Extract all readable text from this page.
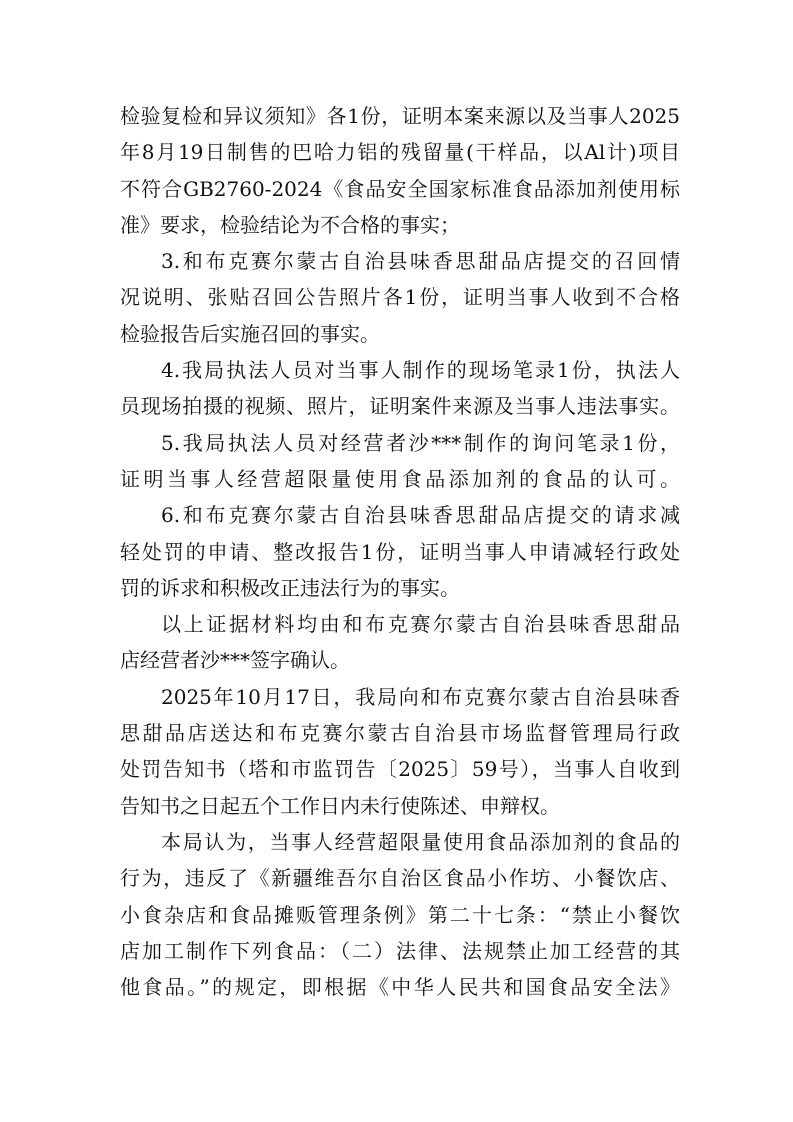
检验复检和异议须知》各1份，证明本案来源以及当事人2025
年8月19日制售的巴哈力铝的残留量(干样品，以Al计)项目
不符合GB2760-2024《食品安全国家标准食品添加剂使用标
准》要求，检验结论为不合格的事实；
3.和布克赛尔蒙古自治县味香思甜品店提交的召回情
况说明、张贴召回公告照片各1份，证明当事人收到不合格
检验报告后实施召回的事实。
4.我局执法人员对当事人制作的现场笔录1份，执法人
员现场拍摄的视频、照片，证明案件来源及当事人违法事实。
5.我局执法人员对经营者沙***制作的询问笔录1份，
证明当事人经营超限量使用食品添加剂的食品的认可。
6.和布克赛尔蒙古自治县味香思甜品店提交的请求减
轻处罚的申请、整改报告1份，证明当事人申请减轻行政处
罚的诉求和积极改正违法行为的事实。
以上证据材料均由和布克赛尔蒙古自治县味香思甜品
店经营者沙***签字确认。
2025年10月17日，我局向和布克赛尔蒙古自治县味香
思甜品店送达和布克赛尔蒙古自治县市场监督管理局行政
处罚告知书（塔和市监罚告〔2025〕59号），当事人自收到
告知书之日起五个工作日内未行使陈述、申辩权。
本局认为，当事人经营超限量使用食品添加剂的食品的
行为，违反了《新疆维吾尔自治区食品小作坊、小餐饮店、
小食杂店和食品摊贩管理条例》第二十七条：“禁止小餐饮
店加工制作下列食品：（二）法律、法规禁止加工经营的其
他食品。”的规定，即根据《中华人民共和国食品安全法》
